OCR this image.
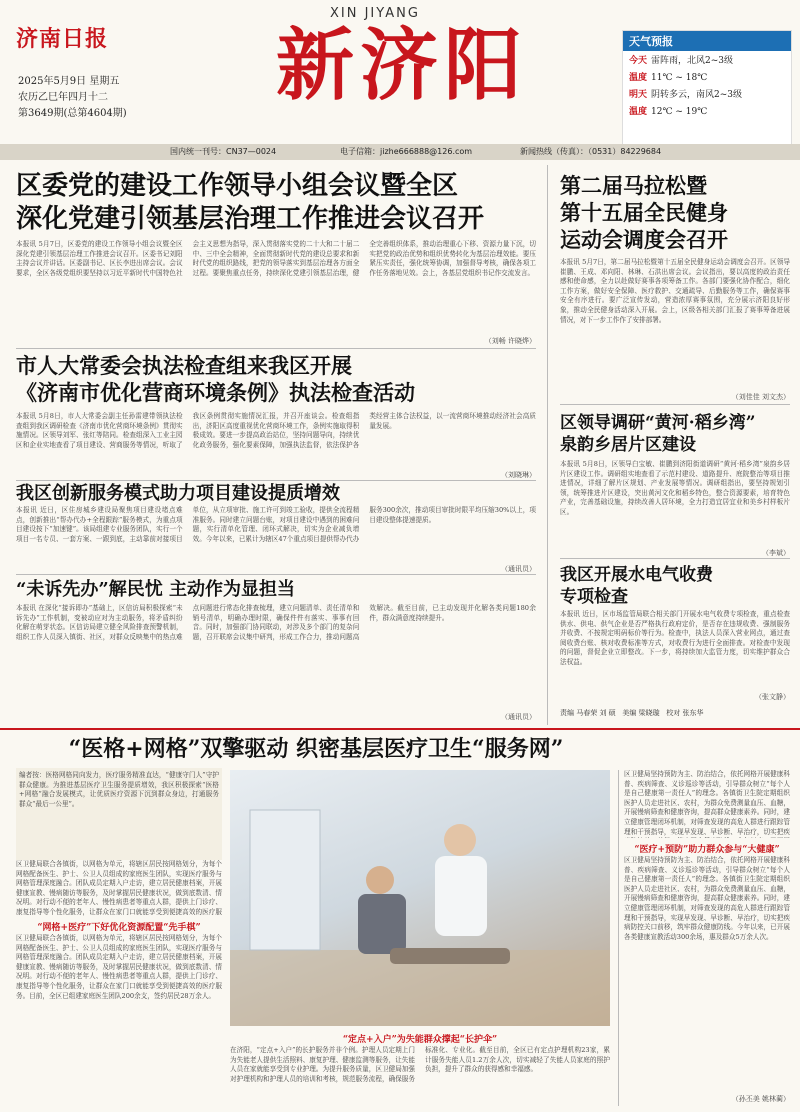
济南日报
2025年5月9日 星期五
农历乙巳年四月十二
第3649期(总第4604期)
XIN JIYANG
新济阳	天气预报
今天 雷阵雨，北风2~3级
温度 11℃ ~ 18℃
明天 阴转多云，南风2~3级
温度 12℃ ~ 19℃
国内统一刊号：CN37—0024	电子信箱：jizhe666888@126.com	新闻热线（传真）：（0531）84229684
区委党的建设工作领导小组会议暨全区
深化党建引领基层治理工作推进会议召开
本报讯 5月7日，区委党的建设工作领导小组会议暨全区深化党建引领基层治理工作推进会议召开。区委书记刘阳主持会议并讲话。区委副书记、区长李进出席会议。会议要求，全区各级党组织要坚持以习近平新时代中国特色社会主义思想为指导，深入贯彻落实党的二十大和二十届二中、三中全会精神，全面贯彻新时代党的建设总要求和新时代党的组织路线，把党的领导落实到基层治理各方面全过程。要聚焦重点任务，持续深化党建引领基层治理，健全完善组织体系，推动治理重心下移、资源力量下沉，切实把党的政治优势和组织优势转化为基层治理效能。要压紧压实责任，强化统筹协调，加强督导考核，确保各项工作任务落地见效。会上，各基层党组织书记作交流发言。
（刘畅 许晓烨）
市人大常委会执法检查组来我区开展
《济南市优化营商环境条例》执法检查活动
本报讯 5月8日，市人大常委会副主任孙雷建带领执法检查组到我区调研检查《济南市优化营商环境条例》贯彻实施情况。区领导刘军、张红等陪同。检查组深入工业主园区和企业实地查看了项目建设、营商服务等情况，听取了我区条例贯彻实施情况汇报，并召开座谈会。检查组指出，济阳区高度重视优化营商环境工作，条例实施取得积极成效。要进一步提高政治站位，坚持问题导向，持续优化政务服务，强化要素保障，加强执法监督，依法保护各类经营主体合法权益，以一流营商环境推动经济社会高质量发展。
（刘晓琳）
我区创新服务模式助力项目建设提质增效
本报讯 近日，区住房城乡建设局聚焦项目建设堵点难点，创新推出“帮办代办+全程跟踪”服务模式，为重点项目建设按下“加速键”。该局组建专业服务团队，实行一个项目一名专员、一套方案、一跟到底，主动靠前对接项目单位，从立项审批、施工许可到竣工验收，提供全流程精准服务。同时建立问题台账，对项目建设中遇到的困难问题，实行清单化管理、闭环式解决，切实为企业减负增效。今年以来，已累计为辖区47个重点项目提供帮办代办服务300余次，推动项目审批时限平均压缩30%以上，项目建设整体提速提质。
（通讯员）
“未诉先办”解民忧 主动作为显担当
本报讯 在深化“接诉即办”基础上，区信访局积极探索“未诉先办”工作机制，变被动应对为主动服务，将矛盾纠纷化解在萌芽状态。区信访局建立健全风险排查预警机制，组织工作人员深入镇街、社区，对群众反映集中的热点难点问题进行常态化排查梳理，建立问题清单、责任清单和销号清单，明确办理时限，确保件件有落实、事事有回音。同时，加强部门协同联动，对涉及多个部门的复杂问题，召开联席会议集中研判，形成工作合力，推动问题高效解决。截至目前，已主动发现并化解各类问题180余件，群众满意度持续提升。
（通讯员）
第二届马拉松暨
第十五届全民健身
运动会调度会召开
本报讯 5月7日，第二届马拉松暨第十五届全民健身运动会调度会召开。区领导崔鹏、王成、邓向阳、林琳、石洪出席会议。会议指出，要以高度的政治责任感和使命感，全力以赴做好赛事各项筹备工作。各部门要强化协作配合，细化工作方案，做好安全保障、医疗救护、交通疏导、后勤服务等工作，确保赛事安全有序进行。要广泛宣传发动，营造浓厚赛事氛围，充分展示济阳良好形象，推动全民健身活动深入开展。会上，区级各相关部门汇报了赛事筹备进展情况，对下一步工作作了安排部署。
（刘佳佳 刘文杰）
区领导调研“黄河·稻乡湾”
泉韵乡居片区建设
本报讯 5月8日，区领导白宝敏、崔鹏到济阳街道调研“黄河·稻乡湾”泉韵乡居片区建设工作。调研组实地查看了示范村建设、道路提升、庭院整治等项目推进情况，详细了解片区规划、产业发展等情况。调研组指出，要坚持规划引领，统筹推进片区建设，突出黄河文化和稻乡特色，整合资源要素，培育特色产业，完善基础设施，持续改善人居环境，全力打造宜居宜业和美乡村样板片区。
（李斌）
我区开展水电气收费
专项检查
本报讯 近日，区市场监管局联合相关部门开展水电气收费专项检查，重点检查供水、供电、供气企业是否严格执行政府定价，是否存在违规收费、强制服务并收费、不按规定明码标价等行为。检查中，执法人员深入营业网点，通过查阅收费台账、核对收费标准等方式，对收费行为进行全面排查。对检查中发现的问题，督促企业立即整改。下一步，将持续加大监管力度，切实维护群众合法权益。
（张文静）
责编 马春荣 刘 硕 美编 梁晓璇 校对 张东华
“医格+网格”双擎驱动 织密基层医疗卫生“服务网”
编者按：医格网格同向发力，医疗服务精准直达，“健康守门人”守护群众健康。为推进基层医疗卫生服务提质增效，我区积极探索“医格+网格”融合发展模式，让优质医疗资源下沉到群众身边，打通服务群众“最后一公里”。
区卫健局联合各镇街，以网格为单元，将辖区居民按网格划分，为每个网格配备医生、护士、公卫人员组成的家庭医生团队，实现医疗服务与网格管理深度融合。团队成员定期入户走访，建立居民健康档案，开展健康宣教、慢病随访等服务，及时掌握居民健康状况，做到底数清、情况明。对行动不便的老年人、慢性病患者等重点人群，提供上门诊疗、康复指导等个性化服务，让群众在家门口就能享受到便捷高效的医疗服
“网格+医疗”下好优化资源配置“先手棋”
区卫健局联合各镇街，以网格为单元，将辖区居民按网格划分，为每个网格配备医生、护士、公卫人员组成的家庭医生团队，实现医疗服务与网格管理深度融合。团队成员定期入户走访，建立居民健康档案，开展健康宣教、慢病随访等服务，及时掌握居民健康状况，做到底数清、情况明。对行动不便的老年人、慢性病患者等重点人群，提供上门诊疗、康复指导等个性化服务，让群众在家门口就能享受到便捷高效的医疗服务。目前，全区已组建家庭医生团队200余支，签约居民28万余人。
“定点+入户”为失能群众撑起“长护伞”
在济阳，“定点+入户”的长护服务并非个例。护理人员定期上门为失能老人提供生活照料、康复护理、健康监测等服务，让失能人员在家就能享受到专业护理。为提升服务质量，区卫健局加强对护理机构和护理人员的培训和考核，规范服务流程，确保服务标准化、专业化。截至目前，全区已有定点护理机构23家，累计服务失能人员1.2万余人次，切实减轻了失能人员家庭的照护负担，提升了群众的获得感和幸福感。
区卫健局坚持预防为主、防治结合，依托网格开展健康科普、疾病筛查、义诊巡诊等活动，引导群众树立“每个人是自己健康第一责任人”的理念。各镇街卫生院定期组织医护人员走进社区、农村，为群众免费测量血压、血糖，开展慢病筛查和健康咨询，提高群众健康素养。同时，建立健康管理闭环机制，对筛查发现的高危人群进行跟踪管理和干预指导，实现早发现、早诊断、早治疗，切实把疾
“医疗+预防”助力群众参与“大健康”
区卫健局坚持预防为主、防治结合，依托网格开展健康科普、疾病筛查、义诊巡诊等活动，引导群众树立“每个人是自己健康第一责任人”的理念。各镇街卫生院定期组织医护人员走进社区、农村，为群众免费测量血压、血糖，开展慢病筛查和健康咨询，提高群众健康素养。同时，建立健康管理闭环机制，对筛查发现的高危人群进行跟踪管理和干预指导，实现早发现、早诊断、早治疗，切实把疾病防控关口前移，筑牢群众健康防线。今年以来，已开展各类健康宣教活动300余场，惠及群众5万余人次。
（孙丕美 姚林蔺）
